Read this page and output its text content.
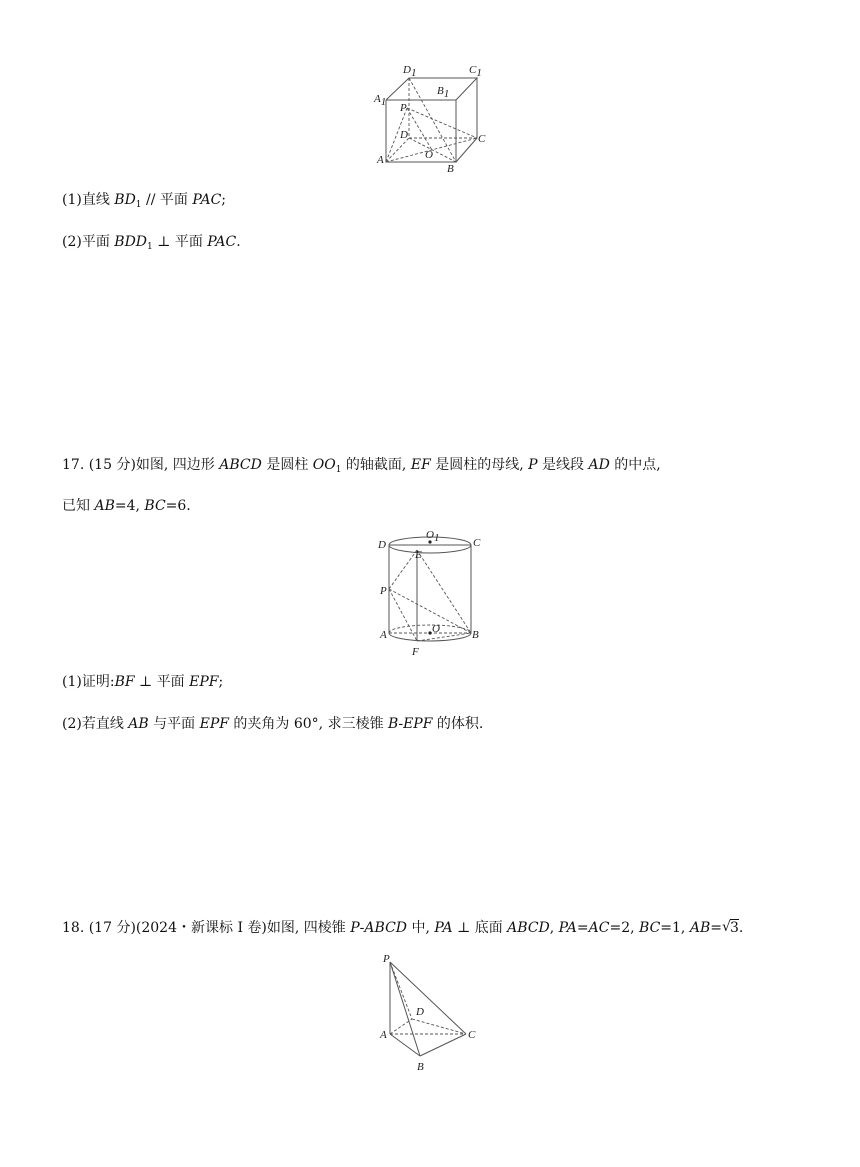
D1	C1
A1
B1
P
D	C
A	O
B
(1)直线 $BD_1$ // 平面 PAC;
(2)平面 $BDD_1$ ⊥ 平面 PAC.
17. (15 分)如图, 四边形 ABCD 是圆柱 $OO_1$ 的轴截面, EF 是圆柱的母线, P 是线段 AD 的中点,
已知 AB=4, BC=6.
D
O1	C
E
P
A	O	B
F
(1)证明:BF ⊥ 平面 EPF;
(2)若直线 AB 与平面 EPF 的夹角为 60°, 求三棱锥 B-EPF 的体积.
18. (17 分)(2024・新课标 I 卷)如图, 四棱锥 P-ABCD 中, PA ⊥ 底面 ABCD, PA=AC=2, BC=1, AB=√ 3.
P
D
A	C
B
